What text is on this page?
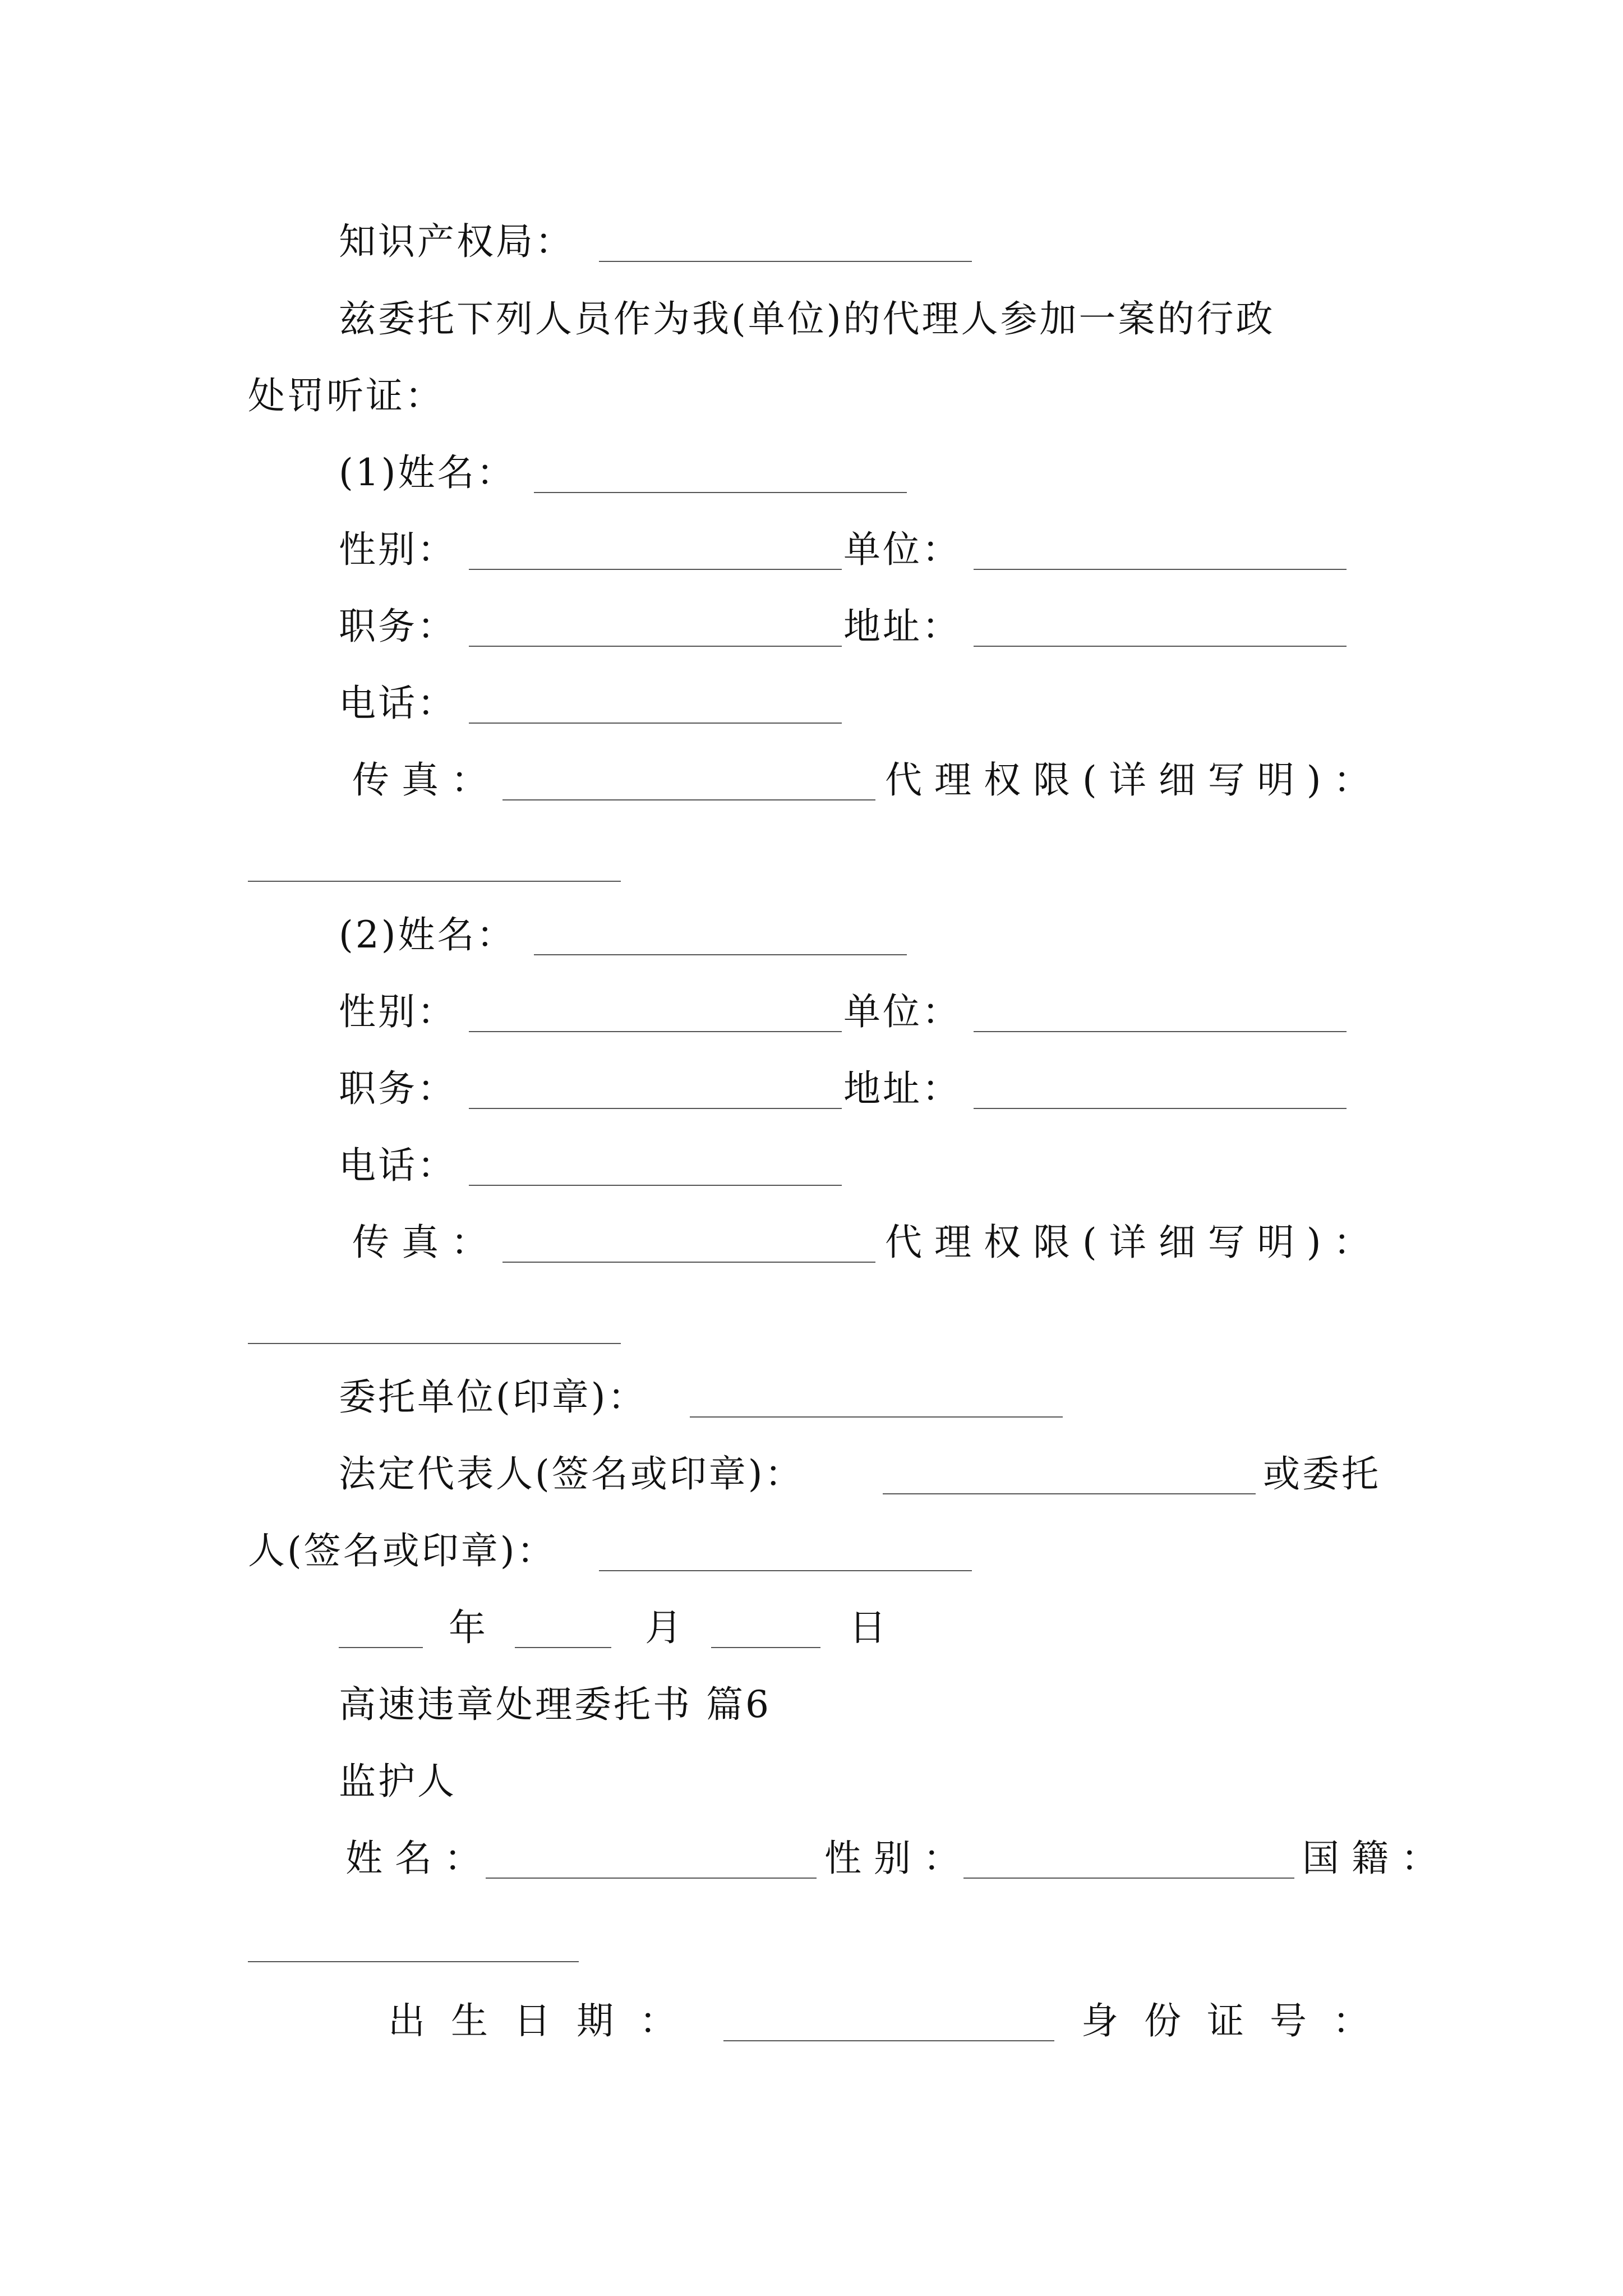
知识产权局：
兹委托下列人员作为我(单位)的代理人参加一案的行政
处罚听证：
(1)姓名：
性别：	单位：
职务：	地址：
电话：
传真：	代理权限(详细写明)：
(2)姓名：
性别：	单位：
职务：	地址：
电话：
传真：	代理权限(详细写明)：
委托单位(印章)：
法定代表人(签名或印章)：	或委托
人(签名或印章)：
年	月	日
高速违章处理委托书 篇6
监护人
姓名：	性别：	国籍：
出生日期：	身份证号：
